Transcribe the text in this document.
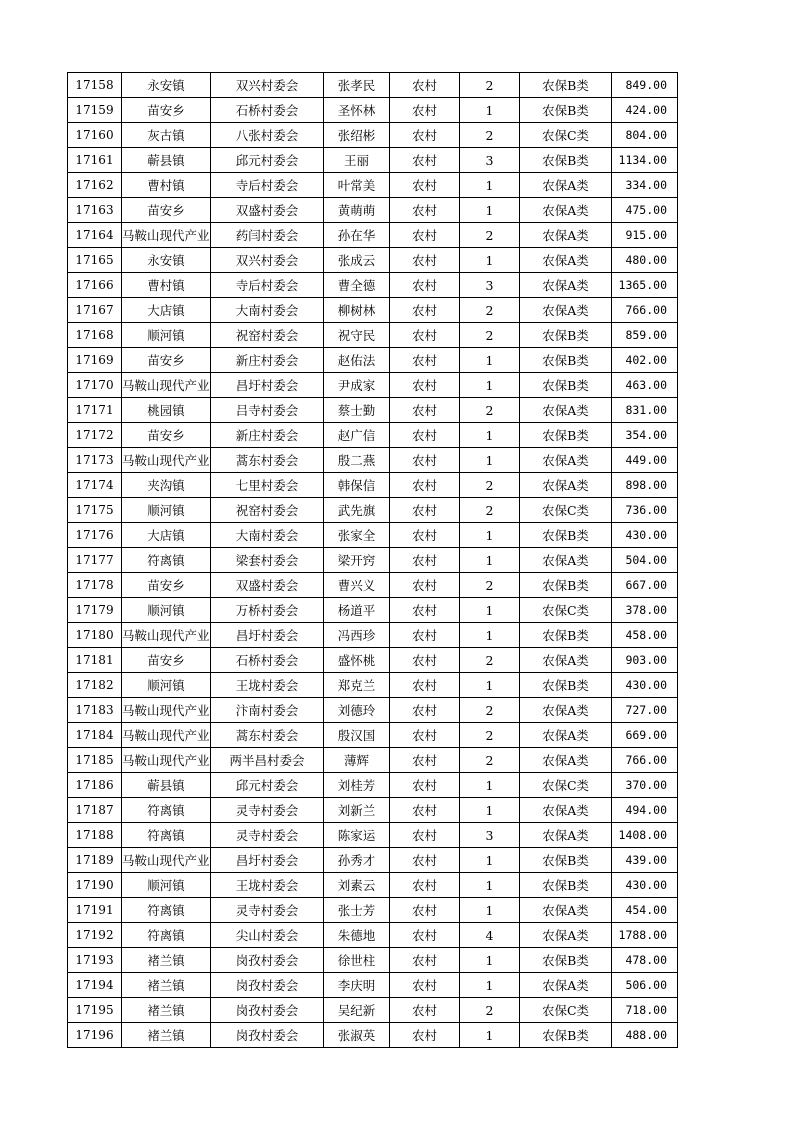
17158	永安镇	双兴村委会	张孝民	农村	2	农保B类	849.00
17159	苗安乡	石桥村委会	圣怀林	农村	1	农保B类	424.00
17160	灰古镇	八张村委会	张绍彬	农村	2	农保C类	804.00
17161	蕲县镇	邱元村委会	王丽	农村	3	农保B类	1134.00
17162	曹村镇	寺后村委会	叶常美	农村	1	农保A类	334.00
17163	苗安乡	双盛村委会	黄萌萌	农村	1	农保A类	475.00
17164	马鞍山现代产业	药闫村委会	孙在华	农村	2	农保A类	915.00
17165	永安镇	双兴村委会	张成云	农村	1	农保A类	480.00
17166	曹村镇	寺后村委会	曹全德	农村	3	农保A类	1365.00
17167	大店镇	大南村委会	柳树林	农村	2	农保A类	766.00
17168	顺河镇	祝窑村委会	祝守民	农村	2	农保B类	859.00
17169	苗安乡	新庄村委会	赵佑法	农村	1	农保B类	402.00
17170	马鞍山现代产业	昌圩村委会	尹成家	农村	1	农保B类	463.00
17171	桃园镇	吕寺村委会	蔡士勤	农村	2	农保A类	831.00
17172	苗安乡	新庄村委会	赵广信	农村	1	农保B类	354.00
17173	马鞍山现代产业	蒿东村委会	殷二燕	农村	1	农保A类	449.00
17174	夹沟镇	七里村委会	韩保信	农村	2	农保A类	898.00
17175	顺河镇	祝窑村委会	武先旗	农村	2	农保C类	736.00
17176	大店镇	大南村委会	张家全	农村	1	农保B类	430.00
17177	符离镇	梁套村委会	梁开窍	农村	1	农保A类	504.00
17178	苗安乡	双盛村委会	曹兴义	农村	2	农保B类	667.00
17179	顺河镇	万桥村委会	杨道平	农村	1	农保C类	378.00
17180	马鞍山现代产业	昌圩村委会	冯西珍	农村	1	农保B类	458.00
17181	苗安乡	石桥村委会	盛怀桃	农村	2	农保A类	903.00
17182	顺河镇	王垅村委会	郑克兰	农村	1	农保B类	430.00
17183	马鞍山现代产业	汴南村委会	刘德玲	农村	2	农保A类	727.00
17184	马鞍山现代产业	蒿东村委会	殷汉国	农村	2	农保A类	669.00
17185	马鞍山现代产业	两半昌村委会	薄辉	农村	2	农保A类	766.00
17186	蕲县镇	邱元村委会	刘桂芳	农村	1	农保C类	370.00
17187	符离镇	灵寺村委会	刘新兰	农村	1	农保A类	494.00
17188	符离镇	灵寺村委会	陈家运	农村	3	农保A类	1408.00
17189	马鞍山现代产业	昌圩村委会	孙秀才	农村	1	农保B类	439.00
17190	顺河镇	王垅村委会	刘素云	农村	1	农保B类	430.00
17191	符离镇	灵寺村委会	张士芳	农村	1	农保A类	454.00
17192	符离镇	尖山村委会	朱德地	农村	4	农保A类	1788.00
17193	褚兰镇	岗孜村委会	徐世柱	农村	1	农保B类	478.00
17194	褚兰镇	岗孜村委会	李庆明	农村	1	农保A类	506.00
17195	褚兰镇	岗孜村委会	吴纪新	农村	2	农保C类	718.00
17196	褚兰镇	岗孜村委会	张淑英	农村	1	农保B类	488.00
